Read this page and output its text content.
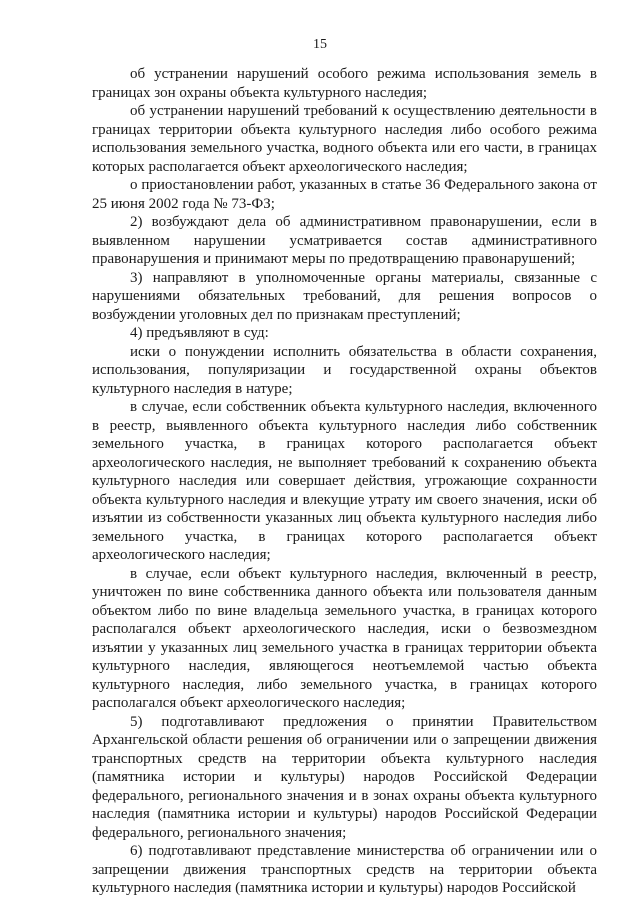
15

об устранении нарушений особого режима использования земель в границах зон охраны объекта культурного наследия;

об устранении нарушений требований к осуществлению деятельности в границах территории объекта культурного наследия либо особого режима использования земельного участка, водного объекта или его части, в границах которых располагается объект археологического наследия;

о приостановлении работ, указанных в статье 36 Федерального закона от 25 июня 2002 года № 73-ФЗ;

2) возбуждают дела об административном правонарушении, если в выявленном нарушении усматривается состав административного правонарушения и принимают меры по предотвращению правонарушений;

3) направляют в уполномоченные органы материалы, связанные с нарушениями обязательных требований, для решения вопросов о возбуждении уголовных дел по признакам преступлений;

4) предъявляют в суд:

иски о понуждении исполнить обязательства в области сохранения, использования, популяризации и государственной охраны объектов культурного наследия в натуре;

в случае, если собственник объекта культурного наследия, включенного в реестр, выявленного объекта культурного наследия либо собственник земельного участка, в границах которого располагается объект археологического наследия, не выполняет требований к сохранению объекта культурного наследия или совершает действия, угрожающие сохранности объекта культурного наследия и влекущие утрату им своего значения, иски об изъятии из собственности указанных лиц объекта культурного наследия либо земельного участка, в границах которого располагается объект археологического наследия;

в случае, если объект культурного наследия, включенный в реестр, уничтожен по вине собственника данного объекта или пользователя данным объектом либо по вине владельца земельного участка, в границах которого располагался объект археологического наследия, иски о безвозмездном изъятии у указанных лиц земельного участка в границах территории объекта культурного наследия, являющегося неотъемлемой частью объекта культурного наследия, либо земельного участка, в границах которого располагался объект археологического наследия;

5) подготавливают предложения о принятии Правительством Архангельской области решения об ограничении или о запрещении движения транспортных средств на территории объекта культурного наследия (памятника истории и культуры) народов Российской Федерации федерального, регионального значения и в зонах охраны объекта культурного наследия (памятника истории и культуры) народов Российской Федерации федерального, регионального значения;

6) подготавливают представление министерства об ограничении или о запрещении движения транспортных средств на территории объекта культурного наследия (памятника истории и культуры) народов Российской
